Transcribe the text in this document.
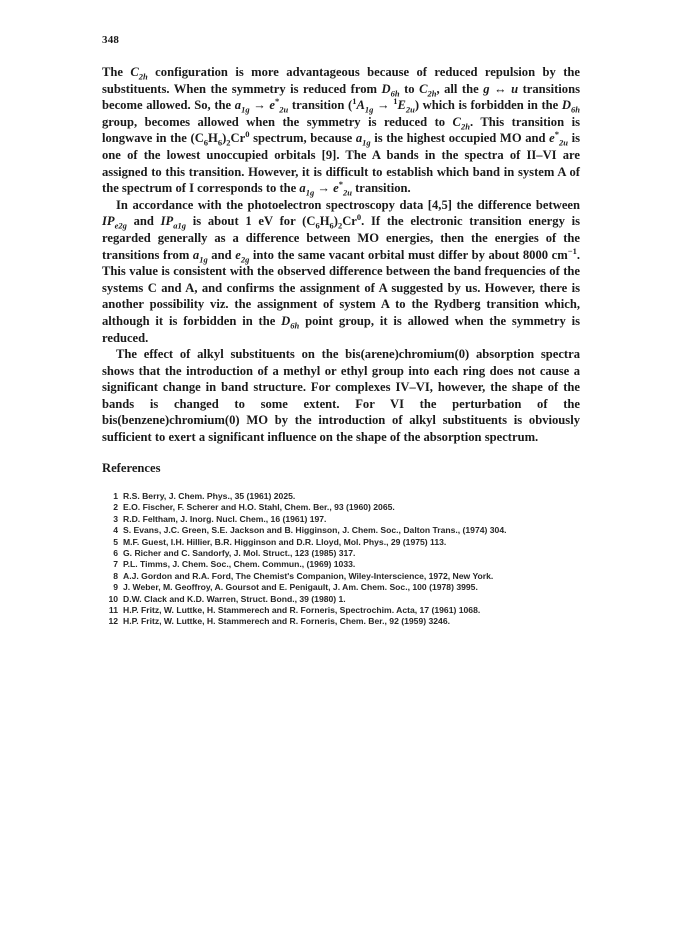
348

The $C_{2h}$ configuration is more advantageous because of reduced repulsion by the substituents. When the symmetry is reduced from $D_{6h}$ to $C_{2h}$, all the g ↔ u transitions become allowed. So, the $a_{1g} \to e^*_{2u}$ transition $(^1A_{1g} \to ^1E_{2u})$ which is forbidden in the $D_{6h}$ group, becomes allowed when the symmetry is reduced to $C_{2h}$. This transition is longwave in the $(C_6H_6)_2Cr^0$ spectrum, because $a_{1g}$ is the highest occupied MO and $e^*_{2u}$ is one of the lowest unoccupied orbitals [9]. The A bands in the spectra of II–VI are assigned to this transition. However, it is difficult to establish which band in system A of the spectrum of I corresponds to the $a_{1g} \to e^*_{2u}$ transition.

In accordance with the photoelectron spectroscopy data [4,5] the difference between $IP_{e2g}$ and $IP_{a1g}$ is about 1 eV for $(C_6H_6)_2Cr^0$. If the electronic transition energy is regarded generally as a difference between MO energies, then the energies of the transitions from $a_{1g}$ and $e_{2g}$ into the same vacant orbital must differ by about 8000 $cm^{-1}$. This value is consistent with the observed difference between the band frequencies of the systems C and A, and confirms the assignment of A suggested by us. However, there is another possibility viz. the assignment of system A to the Rydberg transition which, although it is forbidden in the $D_{6h}$ point group, it is allowed when the symmetry is reduced.

The effect of alkyl substituents on the bis(arene)chromium(0) absorption spectra shows that the introduction of a methyl or ethyl group into each ring does not cause a significant change in band structure. For complexes IV–VI, however, the shape of the bands is changed to some extent. For VI the perturbation of the bis(benzene)chromium(0) MO by the introduction of alkyl substituents is obviously sufficient to exert a significant influence on the shape of the absorption spectrum.

References
1 R.S. Berry, J. Chem. Phys., 35 (1961) 2025.
2 E.O. Fischer, F. Scherer and H.O. Stahl, Chem. Ber., 93 (1960) 2065.
3 R.D. Feltham, J. Inorg. Nucl. Chem., 16 (1961) 197.
4 S. Evans, J.C. Green, S.E. Jackson and B. Higginson, J. Chem. Soc., Dalton Trans., (1974) 304.
5 M.F. Guest, I.H. Hillier, B.R. Higginson and D.R. Lloyd, Mol. Phys., 29 (1975) 113.
6 G. Richer and C. Sandorfy, J. Mol. Struct., 123 (1985) 317.
7 P.L. Timms, J. Chem. Soc., Chem. Commun., (1969) 1033.
8 A.J. Gordon and R.A. Ford, The Chemist's Companion, Wiley-Interscience, 1972, New York.
9 J. Weber, M. Geoffroy, A. Goursot and E. Penigault, J. Am. Chem. Soc., 100 (1978) 3995.
10 D.W. Clack and K.D. Warren, Struct. Bond., 39 (1980) 1.
11 H.P. Fritz, W. Luttke, H. Stammerech and R. Forneris, Spectrochim. Acta, 17 (1961) 1068.
12 H.P. Fritz, W. Luttke, H. Stammerech and R. Forneris, Chem. Ber., 92 (1959) 3246.
